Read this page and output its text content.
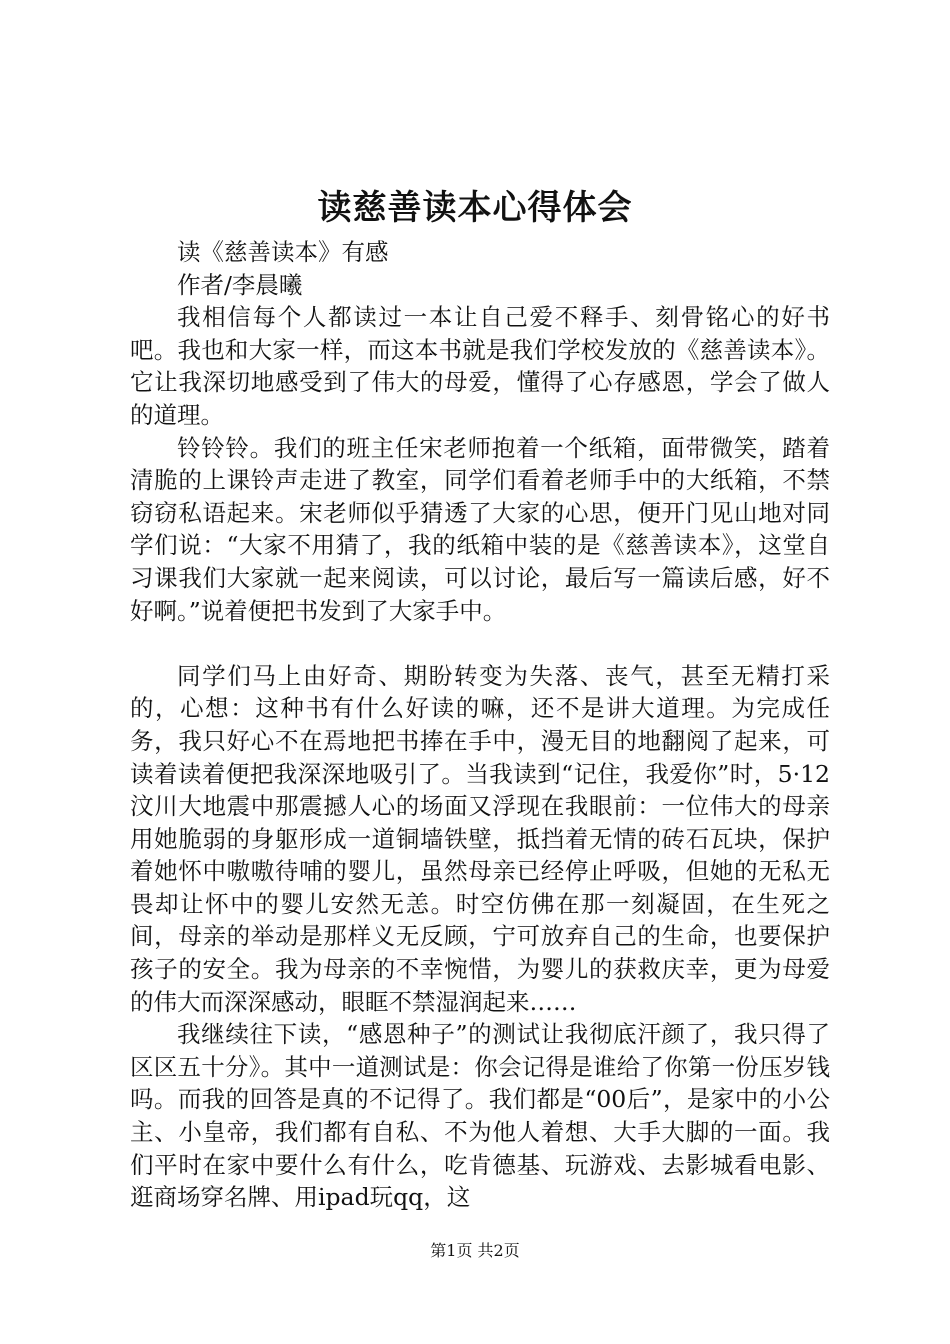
读慈善读本心得体会

读《慈善读本》有感

作者/李晨曦

我相信每个人都读过一本让自己爱不释手、刻骨铭心的好书吧。我也和大家一样，而这本书就是我们学校发放的《慈善读本》。它让我深切地感受到了伟大的母爱，懂得了心存感恩，学会了做人的道理。

铃铃铃。我们的班主任宋老师抱着一个纸箱，面带微笑，踏着清脆的上课铃声走进了教室，同学们看着老师手中的大纸箱，不禁窃窃私语起来。宋老师似乎猜透了大家的心思，便开门见山地对同学们说：“大家不用猜了，我的纸箱中装的是《慈善读本》，这堂自习课我们大家就一起来阅读，可以讨论，最后写一篇读后感，好不好啊。”说着便把书发到了大家手中。

同学们马上由好奇、期盼转变为失落、丧气，甚至无精打采的，心想：这种书有什么好读的嘛，还不是讲大道理。为完成任务，我只好心不在焉地把书捧在手中，漫无目的地翻阅了起来，可读着读着便把我深深地吸引了。当我读到“记住，我爱你”时，5·12汶川大地震中那震撼人心的场面又浮现在我眼前：一位伟大的母亲用她脆弱的身躯形成一道铜墙铁壁，抵挡着无情的砖石瓦块，保护着她怀中嗷嗷待哺的婴儿，虽然母亲已经停止呼吸，但她的无私无畏却让怀中的婴儿安然无恙。时空仿佛在那一刻凝固，在生死之间，母亲的举动是那样义无反顾，宁可放弃自己的生命，也要保护孩子的安全。我为母亲的不幸惋惜，为婴儿的获救庆幸，更为母爱的伟大而深深感动，眼眶不禁湿润起来……

我继续往下读，“感恩种子”的测试让我彻底汗颜了，我只得了区区五十分》。其中一道测试是：你会记得是谁给了你第一份压岁钱吗。而我的回答是真的不记得了。我们都是“00后”，是家中的小公主、小皇帝，我们都有自私、不为他人着想、大手大脚的一面。我们平时在家中要什么有什么，吃肯德基、玩游戏、去影城看电影、逛商场穿名牌、用ipad玩qq，这

第1页 共2页
